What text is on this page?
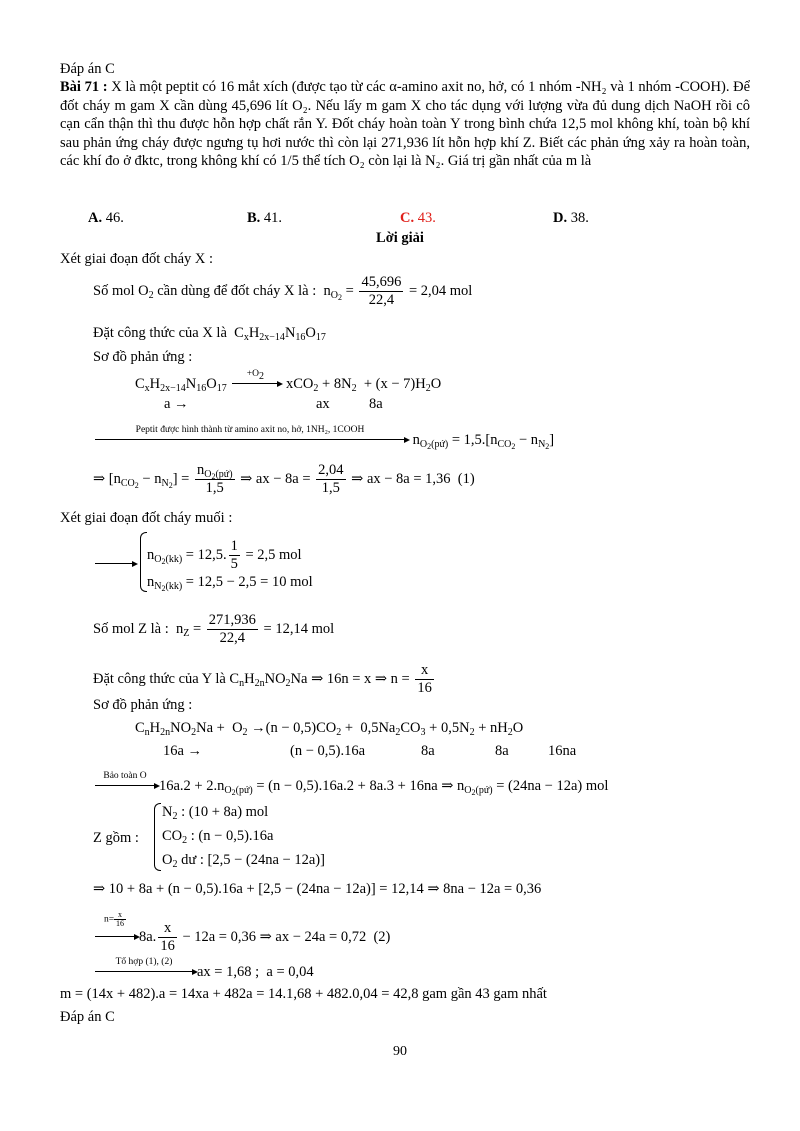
Đáp án C
Bài 71 : X là một peptit có 16 mắt xích (được tạo từ các α-amino axit no, hở, có 1 nhóm -NH₂ và 1 nhóm -COOH). Để đốt cháy m gam X cần dùng 45,696 lít O₂. Nếu lấy m gam X cho tác dụng với lượng vừa đủ dung dịch NaOH rồi cô cạn cẩn thận thì thu được hỗn hợp chất rắn Y. Đốt cháy hoàn toàn Y trong bình chứa 12,5 mol không khí, toàn bộ khí sau phản ứng cháy được ngưng tụ hơi nước thì còn lại 271,936 lít hỗn hợp khí Z. Biết các phản ứng xảy ra hoàn toàn, các khí đo ở đktc, trong không khí có 1/5 thể tích O₂ còn lại là N₂. Giá trị gần nhất của m là
A. 46.	B. 41.	C. 43.	D. 38.
Lời giải
Xét giai đoạn đốt cháy X :
Số mol $O_2$ cần dùng để đốt cháy X là :  $n_{O_2} = \frac{45,696}{22,4} = 2,04$ mol
Đặt công thức của X là  $C_xH_{2x-14}N_{16}O_{17}$
Sơ đồ phản ứng :
$C_xH_{2x-14}N_{16}O_{17}$
$+O_2$	$xCO_2 + 8N_2 + (x - 7)H_2O$
a →	ax	8a
Peptit được hình thành từ amino axit no, hở, 1NH₂, 1COOH
$n_{O_2(pứ)} = 1,5.[n_{CO_2} - n_{N_2}]$
⇒ $[n_{CO_2} - n_{N_2}] = \frac{n_{O_2(pứ)}}{1,5}$ ⇒ ax − $8a = \frac{2,04}{1,5}$ ⇒ ax − 8a = 1,36  (1)
Xét giai đoạn đốt cháy muối :
$n_{O_2(kk)} = 12,5$. $\frac{1}{5} = 2,5$ mol
$n_{N_2(kk)} = 12,5 - 2,5 = 10$ mol
Số mol Z là :  $n_Z = \frac{271,936}{22,4} = 12,14$ mol
Đặt công thức của Y là $C_nH_{2n}NO_2Na$ ⇒ 16n = x ⇒ $n = \frac{x}{16}$
Sơ đồ phản ứng :
$C_nH_{2n}NO_2Na + O_2 \to(n - 0,5)CO_2 + 0,5Na_2CO_3 + 0,5N_2 + nH_2O$
16a →	(n − 0,5).16a	8a	8a	16na
Bảo toàn O
$16a.2 + 2.n_{O_2(pứ)} = (n - 0,5).16a.2 + 8a.3 + 16na$ ⇒ $n_{O_2(pứ)} = (24na - 12a)$ mol
Z gồm :
$N_2$ : (10 + 8a) mol
$CO_2$ : (n − 0,5).16a
$O_2$ dư : [2,5 − (24na − 12a)]
⇒ 10 + 8a + (n − 0,5).16a + [2,5 − (24na − 12a)] = 12,14 ⇒ 8na − 12a = 0,36
$n= \frac{x}{16}$
8a. $\frac{x}{16} - 12a = 0,36$ ⇒ ax − 24a = 0,72  (2)
Tổ hợp (1), (2)
ax = 1,68 ;  a = 0,04
m = (14x + 482).a = 14xa + 482a = 14.1,68 + 482.0,04 = 42,8 gam gần 43 gam nhất
Đáp án C
90
